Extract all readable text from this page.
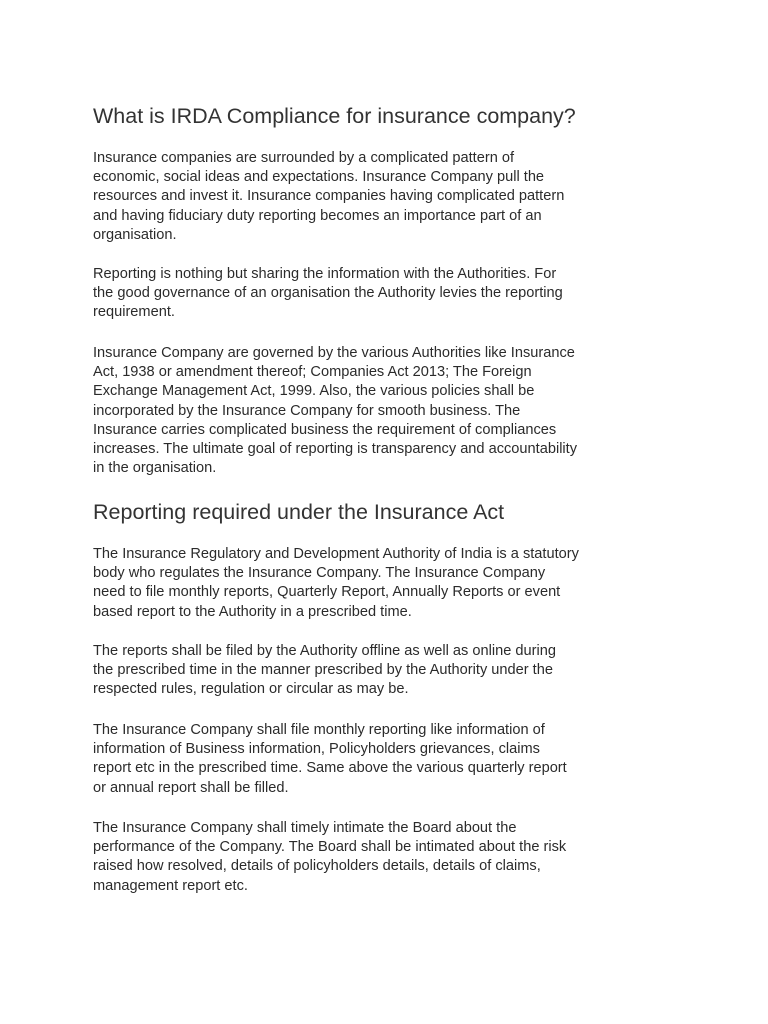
What is IRDA Compliance for insurance company?

Insurance companies are surrounded by a complicated pattern of
economic, social ideas and expectations. Insurance Company pull the
resources and invest it. Insurance companies having complicated pattern
and having fiduciary duty reporting becomes an importance part of an
organisation.

Reporting is nothing but sharing the information with the Authorities. For
the good governance of an organisation the Authority levies the reporting
requirement.

Insurance Company are governed by the various Authorities like Insurance
Act, 1938 or amendment thereof; Companies Act 2013; The Foreign
Exchange Management Act, 1999. Also, the various policies shall be
incorporated by the Insurance Company for smooth business. The
Insurance carries complicated business the requirement of compliances
increases. The ultimate goal of reporting is transparency and accountability
in the organisation.

Reporting required under the Insurance Act

The Insurance Regulatory and Development Authority of India is a statutory
body who regulates the Insurance Company. The Insurance Company
need to file monthly reports, Quarterly Report, Annually Reports or event
based report to the Authority in a prescribed time.

The reports shall be filed by the Authority offline as well as online during
the prescribed time in the manner prescribed by the Authority under the
respected rules, regulation or circular as may be.

The Insurance Company shall file monthly reporting like information of
information of Business information, Policyholders grievances, claims
report etc in the prescribed time. Same above the various quarterly report
or annual report shall be filled.

The Insurance Company shall timely intimate the Board about the
performance of the Company. The Board shall be intimated about the risk
raised how resolved, details of policyholders details, details of claims,
management report etc.
